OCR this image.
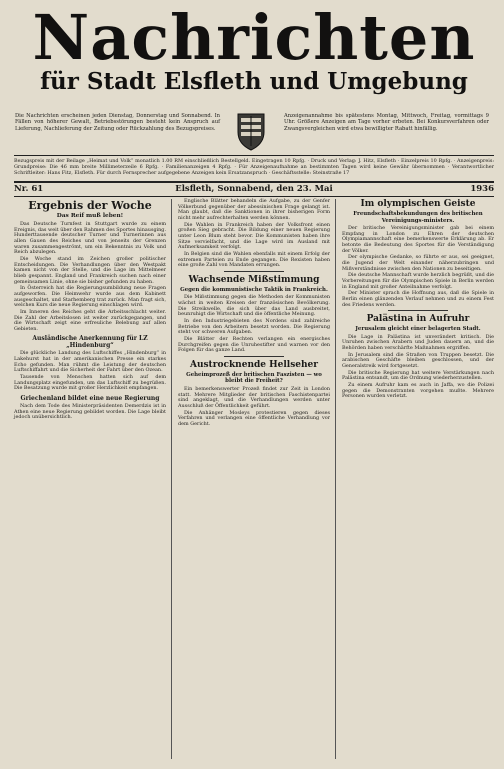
Nachrichten
für Stadt Elsfleth und Umgebung
Die Nachrichten erscheinen jeden Dienstag, Donnerstag und Sonnabend. In Fällen von höherer Gewalt, Betriebsstörungen besteht kein Anspruch auf Lieferung, Nachlieferung der Zeitung oder Rückzahlung des Bezugspreises.
Anzeigenannahme bis spätestens Montag, Mittwoch, Freitag, vormittags 9 Uhr. Größere Anzeigen am Tage vorher erbeten. Bei Konkursverfahren oder Zwangsvergleichen wird etwa bewilligter Rabatt hinfällig.
Bezugspreis mit der Beilage „Heimat und Volk“ monatlich 1.00 RM einschließlich Bestellgeld. Eingetragen 10 Rpfg. · Druck und Verlag: J. Hitz, Elsfleth · Einzelpreis 10 Rpfg. · Anzeigenpreis: Grundpreise: Die 46 mm breite Millimeterzeile 6 Rpfg. · Familienanzeigen 4 Rpfg. · Für Anzeigenaufnahme an bestimmten Tagen wird keine Gewähr übernommen · Verantwortlicher Schriftleiter: Hans Fitz, Elsfleth. Für durch Fernsprecher aufgegebene Anzeigen kein Ersatzanspruch · Geschäftsstelle: Steinstraße 17
Nr. 61	Elsfleth, Sonnabend, den 23. Mai	1936
Ergebnis der Woche
Das Reif muß leben!

Das Deutsche Turnfest in Stuttgart wurde zu einem Ereignis, das weit über den Rahmen des Sportes hinausging. Hunderttausende deutscher Turner und Turnerinnen aus allen Gauen des Reiches und von jenseits der Grenzen waren zusammengeströmt, um ein Bekenntnis zu Volk und Reich abzulegen.

Die Woche stand im Zeichen großer politischer Entscheidungen. Die Verhandlungen über den Westpakt kamen nicht von der Stelle, und die Lage im Mittelmeer blieb gespannt. England und Frankreich suchen nach einer gemeinsamen Linie, ohne sie bisher gefunden zu haben.

In Österreich hat die Regierungsumbildung neue Fragen aufgeworfen. Die Heimwehr wurde aus dem Kabinett ausgeschaltet, und Starhemberg trat zurück. Man fragt sich, welchen Kurs die neue Regierung einschlagen wird.

Im Inneren des Reiches geht die Arbeitsschlacht weiter. Die Zahl der Arbeitslosen ist weiter zurückgegangen, und die Wirtschaft zeigt eine erfreuliche Belebung auf allen Gebieten.

Ausländische Anerkennung für LZ „Hindenburg“

Die glückliche Landung des Luftschiffes „Hindenburg“ in Lakehurst hat in der amerikanischen Presse ein starkes Echo gefunden. Man rühmt die Leistung der deutschen Luftschiffahrt und die Sicherheit der Fahrt über den Ozean.

Tausende von Menschen hatten sich auf dem Landungsplatz eingefunden, um das Luftschiff zu begrüßen. Die Besatzung wurde mit großer Herzlichkeit empfangen.

Griechenland bildet eine neue Regierung

Nach dem Tode des Ministerpräsidenten Demerdzis ist in Athen eine neue Regierung gebildet worden. Die Lage bleibt jedoch unübersichtlich.

Englische Blätter behandeln die Aufgabe, zu der Genfer Völkerbund gegenüber der abessinischen Frage gelangt ist. Man glaubt, daß die Sanktionen in ihrer bisherigen Form nicht mehr aufrechterhalten werden können.

Die Wahlen in Frankreich haben der Volksfront einen großen Sieg gebracht. Die Bildung einer neuen Regierung unter Leon Blum steht bevor. Die Kommunisten haben ihre Sitze vervielfacht, und die Lage wird im Ausland mit Aufmerksamkeit verfolgt.

In Belgien sind die Wahlen ebenfalls mit einem Erfolg der extremen Parteien zu Ende gegangen. Die Rexisten haben eine große Zahl von Mandaten errungen.

Wachsende Mißstimmung
Gegen die kommunistische Taktik in Frankreich.

Die Mißstimmung gegen die Methoden der Kommunisten wächst in weiten Kreisen der französischen Bevölkerung. Die Streikwelle, die sich über das Land ausbreitet, beunruhigt die Wirtschaft und die öffentliche Meinung.

In den Industriegebieten des Nordens sind zahlreiche Betriebe von den Arbeitern besetzt worden. Die Regierung steht vor schweren Aufgaben.

Die Blätter der Rechten verlangen ein energisches Durchgreifen gegen die Unruhestifter und warnen vor den Folgen für das ganze Land.

Austrocknende Hellseher
Geheimprozeß der britischen Faszisten — wo bleibt die Freiheit?

Ein bemerkenswerter Prozeß findet zur Zeit in London statt. Mehrere Mitglieder der britischen Faschistenpartei sind angeklagt, und die Verhandlungen werden unter Ausschluß der Öffentlichkeit geführt.

Die Anhänger Mosleys protestieren gegen dieses Verfahren und verlangen eine öffentliche Verhandlung vor dem Gericht.

Im olympischen Geiste
Freundschaftsbekundungen des britischen Vereinigungs-ministers.

Der britische Vereinigungsminister gab bei einem Empfang in London zu Ehren der deutschen Olympiamannschaft eine bemerkenswerte Erklärung ab. Er betonte die Bedeutung des Sportes für die Verständigung der Völker.

Der olympische Gedanke, so führte er aus, sei geeignet, die Jugend der Welt einander näherzubringen und Mißverständnisse zwischen den Nationen zu beseitigen.

Die deutsche Mannschaft wurde herzlich begrüßt, und die Vorbereitungen für die Olympischen Spiele in Berlin werden in England mit großer Anteilnahme verfolgt.

Der Minister sprach die Hoffnung aus, daß die Spiele in Berlin einen glänzenden Verlauf nehmen und zu einem Fest des Friedens werden.

Palästina in Aufruhr
Jerusalem gleicht einer belagerten Stadt.

Die Lage in Palästina ist unverändert kritisch. Die Unruhen zwischen Arabern und Juden dauern an, und die Behörden haben verschärfte Maßnahmen ergriffen.

In Jerusalem sind die Straßen von Truppen besetzt. Die arabischen Geschäfte bleiben geschlossen, und der Generalstreik wird fortgesetzt.

Die britische Regierung hat weitere Verstärkungen nach Palästina entsandt, um die Ordnung wiederherzustellen.

Zu einem Aufruhr kam es auch in Jaffa, wo die Polizei gegen die Demonstranten vorgehen mußte. Mehrere Personen wurden verletzt.
